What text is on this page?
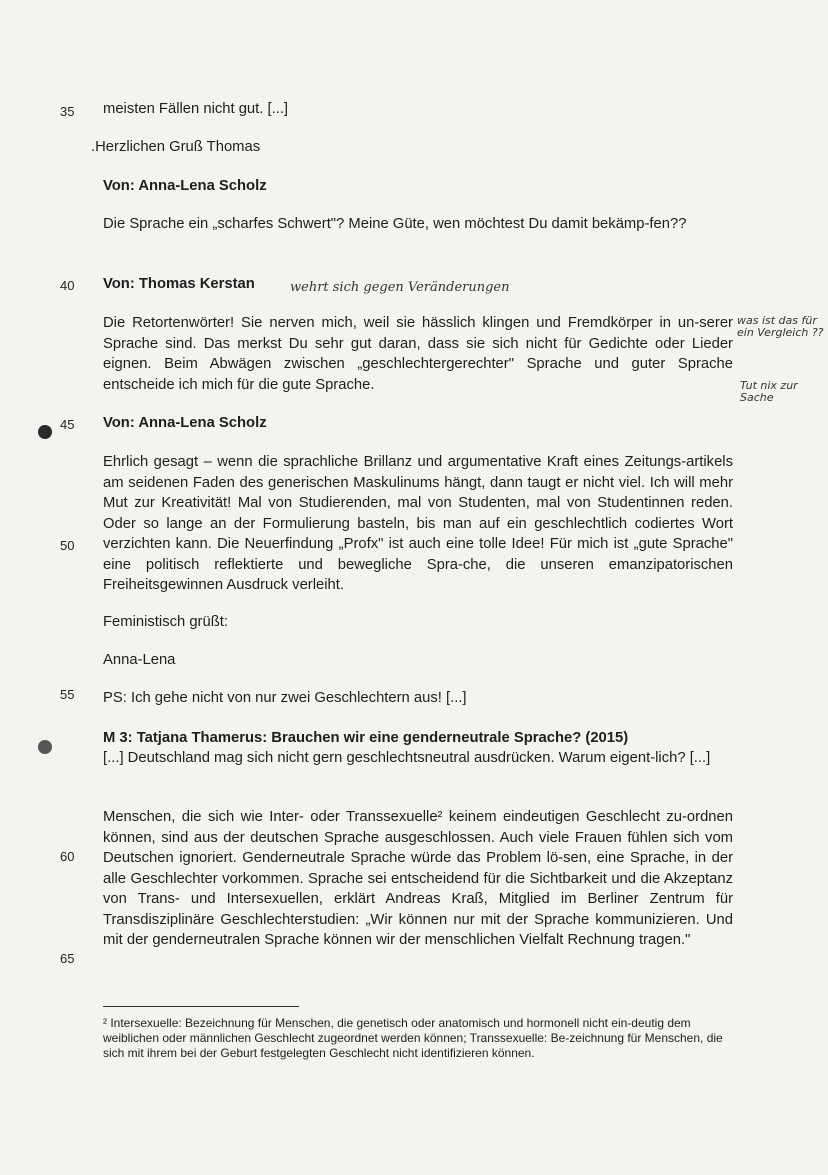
35
40
45
50
55
60
65

meisten Fällen nicht gut. [...]

.Herzlichen Gruß Thomas

Von: Anna-Lena Scholz

Die Sprache ein „scharfes Schwert"? Meine Güte, wen möchtest Du damit bekämp-fen??

Von: Thomas Kerstan	wehrt sich gegen Veränderungen

Die Retortenwörter! Sie nerven mich, weil sie hässlich klingen und Fremdkörper in un-serer Sprache sind. Das merkst Du sehr gut daran, dass sie sich nicht für Gedichte oder Lieder eignen. Beim Abwägen zwischen „geschlechtergerechter" Sprache und guter Sprache entscheide ich mich für die gute Sprache.

was ist das für ein Vergleich ??
Tut nix zur Sache

Von: Anna-Lena Scholz

Ehrlich gesagt – wenn die sprachliche Brillanz und argumentative Kraft eines Zeitungs-artikels am seidenen Faden des generischen Maskulinums hängt, dann taugt er nicht viel. Ich will mehr Mut zur Kreativität! Mal von Studierenden, mal von Studenten, mal von Studentinnen reden. Oder so lange an der Formulierung basteln, bis man auf ein geschlechtlich codiertes Wort verzichten kann. Die Neuerfindung „Profx" ist auch eine tolle Idee! Für mich ist „gute Sprache" eine politisch reflektierte und bewegliche Spra-che, die unseren emanzipatorischen Freiheitsgewinnen Ausdruck verleiht.

Feministisch grüßt:

Anna-Lena

PS: Ich gehe nicht von nur zwei Geschlechtern aus! [...]

M 3: Tatjana Thamerus: Brauchen wir eine genderneutrale Sprache? (2015)

[...] Deutschland mag sich nicht gern geschlechtsneutral ausdrücken. Warum eigent-lich? [...]

Menschen, die sich wie Inter- oder Transsexuelle² keinem eindeutigen Geschlecht zu-ordnen können, sind aus der deutschen Sprache ausgeschlossen. Auch viele Frauen fühlen sich vom Deutschen ignoriert. Genderneutrale Sprache würde das Problem lö-sen, eine Sprache, in der alle Geschlechter vorkommen. Sprache sei entscheidend für die Sichtbarkeit und die Akzeptanz von Trans- und Intersexuellen, erklärt Andreas Kraß, Mitglied im Berliner Zentrum für Transdisziplinäre Geschlechterstudien: „Wir können nur mit der Sprache kommunizieren. Und mit der genderneutralen Sprache können wir der menschlichen Vielfalt Rechnung tragen."

² Intersexuelle: Bezeichnung für Menschen, die genetisch oder anatomisch und hormonell nicht ein-deutig dem weiblichen oder männlichen Geschlecht zugeordnet werden können; Transsexuelle: Be-zeichnung für Menschen, die sich mit ihrem bei der Geburt festgelegten Geschlecht nicht identifizieren können.
